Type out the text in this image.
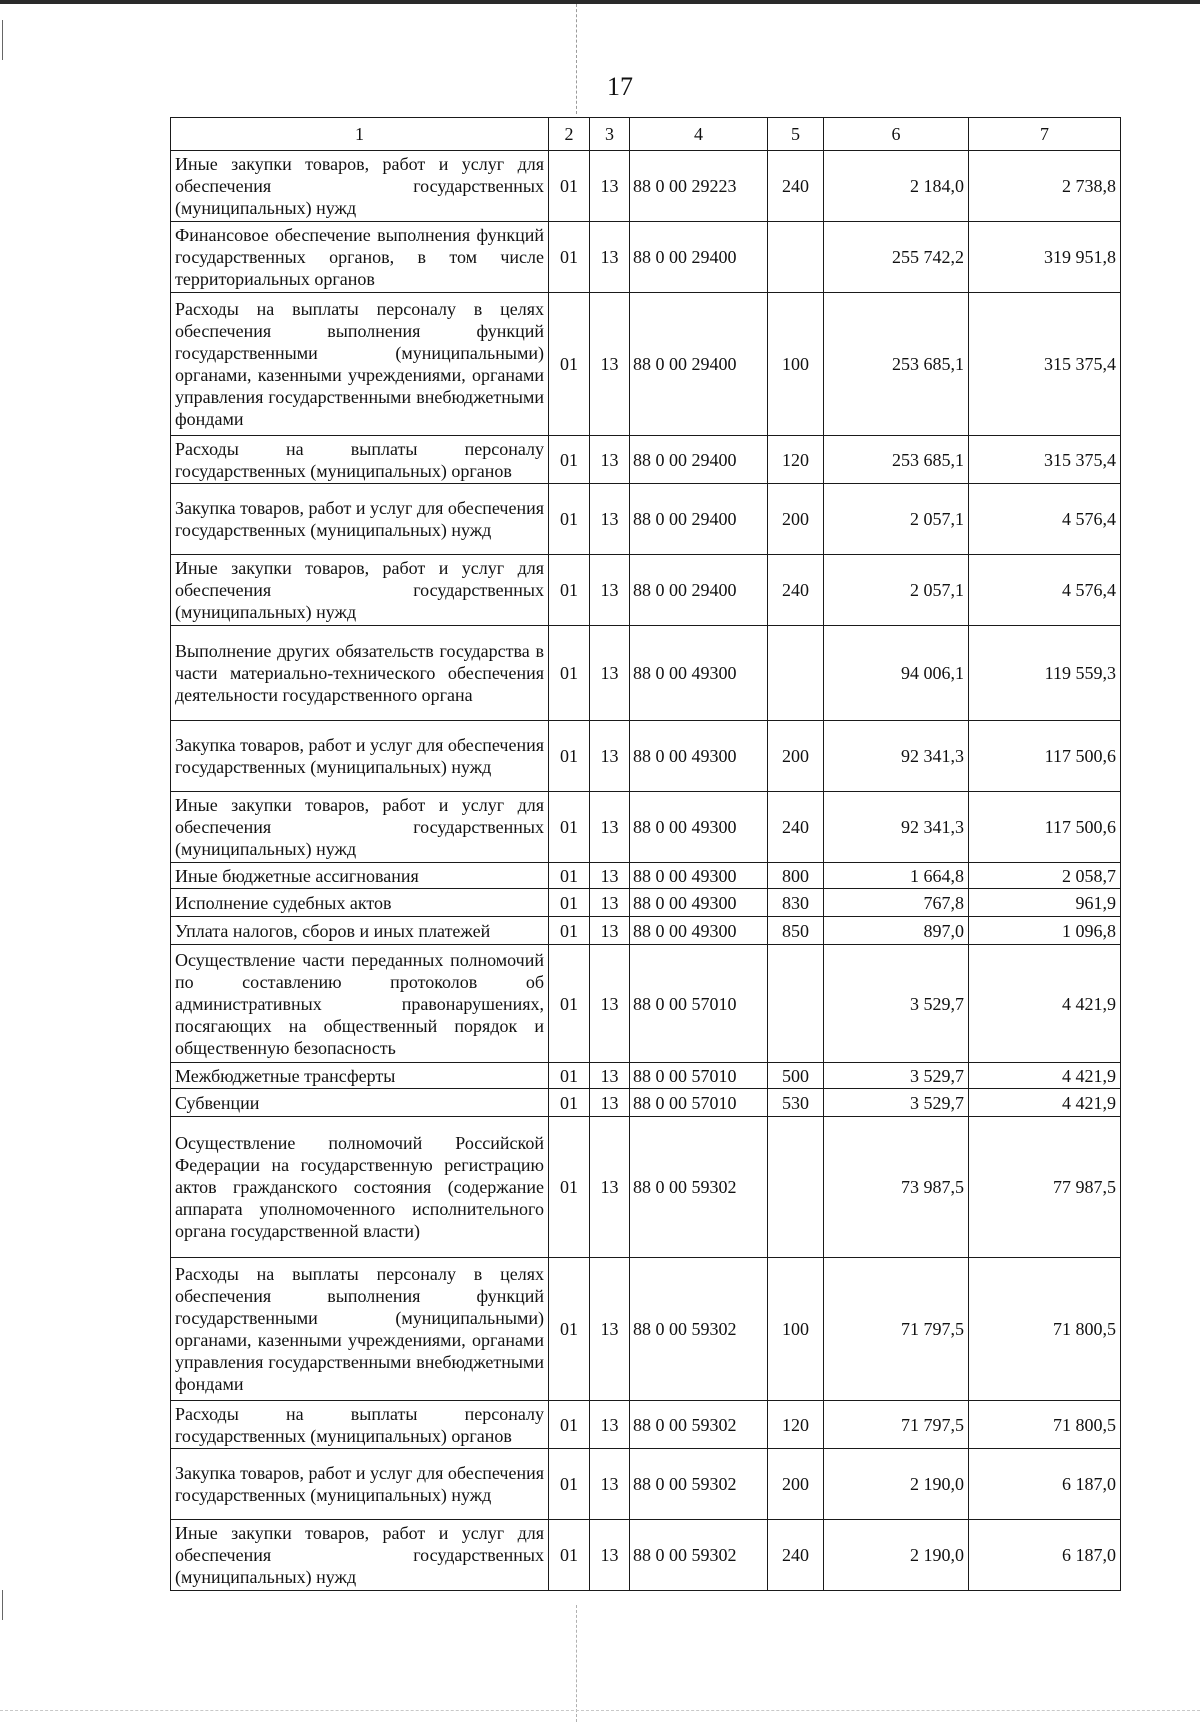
17
1	2	3	4	5	6	7
Иные закупки товаров, работ и услуг для обеспечения государственных (муниципальных) нужд	01	13	88 0 00 29223	240	2 184,0	2 738,8
Финансовое обеспечение выполнения функций государственных органов, в том числе территориальных органов	01	13	88 0 00 29400		255 742,2	319 951,8
Расходы на выплаты персоналу в целях обеспечения выполнения функций государственными (муниципальными) органами, казенными учреждениями, органами управления государственными внебюджетными фондами	01	13	88 0 00 29400	100	253 685,1	315 375,4
Расходы на выплаты персоналу государственных (муниципальных) органов	01	13	88 0 00 29400	120	253 685,1	315 375,4
Закупка товаров, работ и услуг для обеспечения государственных (муниципальных) нужд	01	13	88 0 00 29400	200	2 057,1	4 576,4
Иные закупки товаров, работ и услуг для обеспечения государственных (муниципальных) нужд	01	13	88 0 00 29400	240	2 057,1	4 576,4
Выполнение других обязательств государства в части материально-технического обеспечения деятельности государственного органа	01	13	88 0 00 49300		94 006,1	119 559,3
Закупка товаров, работ и услуг для обеспечения государственных (муниципальных) нужд	01	13	88 0 00 49300	200	92 341,3	117 500,6
Иные закупки товаров, работ и услуг для обеспечения государственных (муниципальных) нужд	01	13	88 0 00 49300	240	92 341,3	117 500,6
Иные бюджетные ассигнования	01	13	88 0 00 49300	800	1 664,8	2 058,7
Исполнение судебных актов	01	13	88 0 00 49300	830	767,8	961,9
Уплата налогов, сборов и иных платежей	01	13	88 0 00 49300	850	897,0	1 096,8
Осуществление части переданных полномочий по составлению протоколов об административных правонарушениях, посягающих на общественный порядок и общественную безопасность	01	13	88 0 00 57010		3 529,7	4 421,9
Межбюджетные трансферты	01	13	88 0 00 57010	500	3 529,7	4 421,9
Субвенции	01	13	88 0 00 57010	530	3 529,7	4 421,9
Осуществление полномочий Российской Федерации на государственную регистрацию актов гражданского состояния (содержание аппарата уполномоченного исполнительного органа государственной власти)	01	13	88 0 00 59302		73 987,5	77 987,5
Расходы на выплаты персоналу в целях обеспечения выполнения функций государственными (муниципальными) органами, казенными учреждениями, органами управления государственными внебюджетными фондами	01	13	88 0 00 59302	100	71 797,5	71 800,5
Расходы на выплаты персоналу государственных (муниципальных) органов	01	13	88 0 00 59302	120	71 797,5	71 800,5
Закупка товаров, работ и услуг для обеспечения государственных (муниципальных) нужд	01	13	88 0 00 59302	200	2 190,0	6 187,0
Иные закупки товаров, работ и услуг для обеспечения государственных (муниципальных) нужд	01	13	88 0 00 59302	240	2 190,0	6 187,0
